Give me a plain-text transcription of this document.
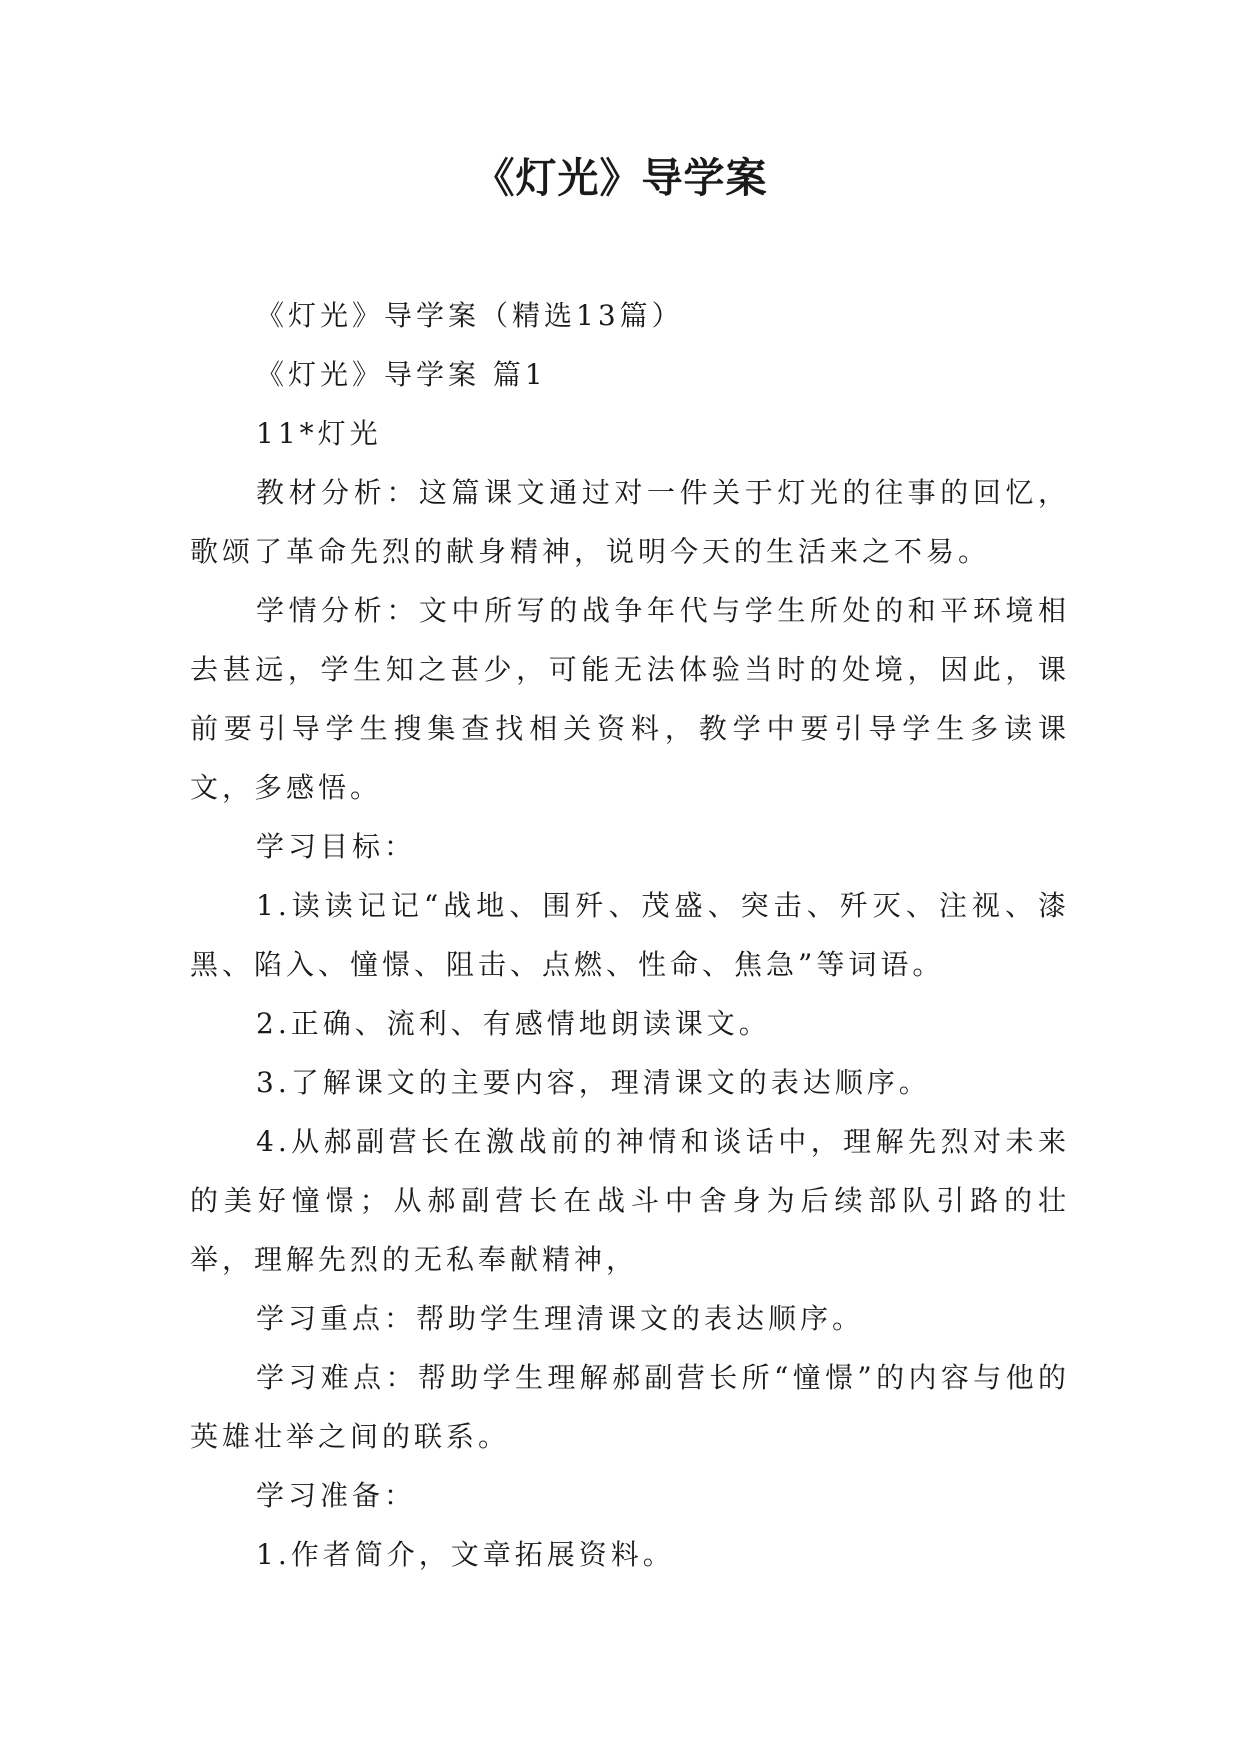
《灯光》导学案

《灯光》导学案（精选13篇）

《灯光》导学案 篇1

11*灯光

教材分析：这篇课文通过对一件关于灯光的往事的回忆，歌颂了革命先烈的献身精神，说明今天的生活来之不易。

学情分析：文中所写的战争年代与学生所处的和平环境相去甚远，学生知之甚少，可能无法体验当时的处境，因此，课前要引导学生搜集查找相关资料，教学中要引导学生多读课文，多感悟。

学习目标：

1.读读记记“战地、围歼、茂盛、突击、歼灭、注视、漆黑、陷入、憧憬、阻击、点燃、性命、焦急”等词语。

2.正确、流利、有感情地朗读课文。

3.了解课文的主要内容，理清课文的表达顺序。

4.从郝副营长在激战前的神情和谈话中，理解先烈对未来的美好憧憬；从郝副营长在战斗中舍身为后续部队引路的壮举，理解先烈的无私奉献精神，

学习重点：帮助学生理清课文的表达顺序。

学习难点：帮助学生理解郝副营长所“憧憬”的内容与他的英雄壮举之间的联系。

学习准备：

1.作者简介，文章拓展资料。
